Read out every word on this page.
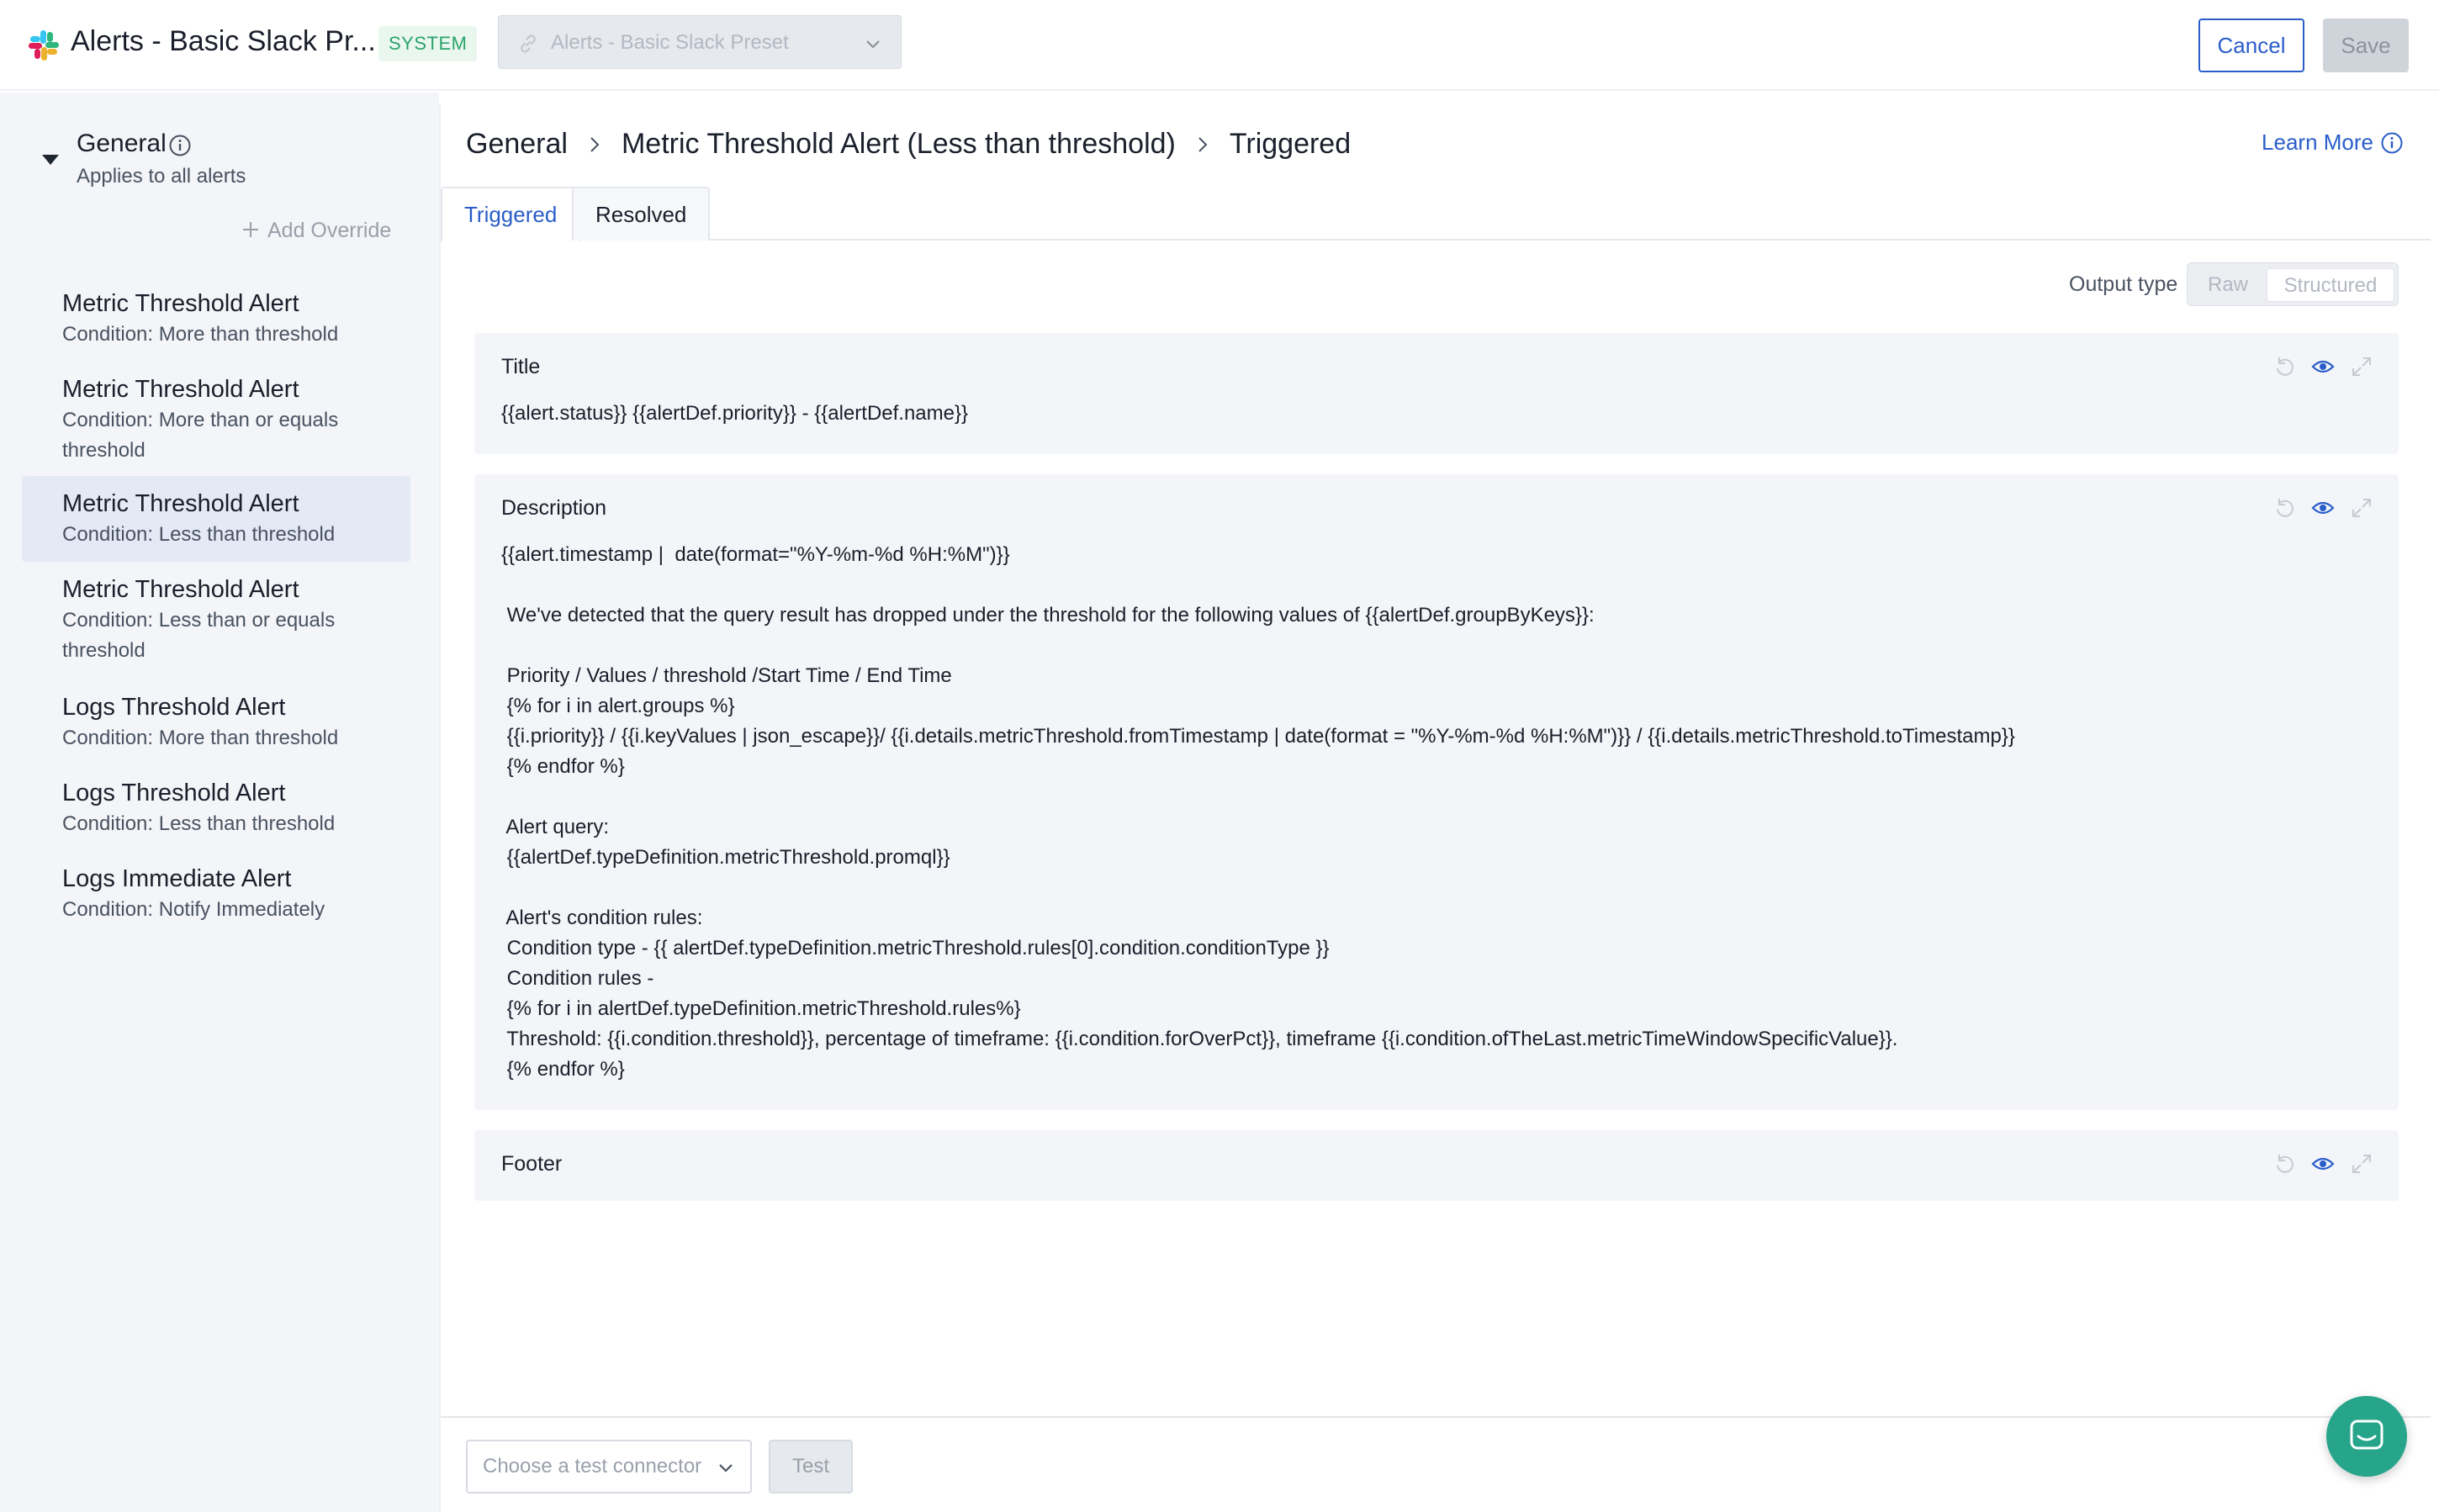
Alerts - Basic Slack Pr... SYSTEM	Alerts - Basic Slack Preset	Cancel	Save
General
Applies to all alerts
Add Override
Metric Threshold Alert
Condition: More than threshold
Metric Threshold Alert
Condition: More than or equals threshold
Metric Threshold Alert
Condition: Less than threshold
Metric Threshold Alert
Condition: Less than or equals threshold
Logs Threshold Alert
Condition: More than threshold
Logs Threshold Alert
Condition: Less than threshold
Logs Immediate Alert
Condition: Notify Immediately
General Metric Threshold Alert (Less than threshold) Triggered	Learn More
Triggered	Resolved
Output type	Raw	Structured
Title
{{alert.status}} {{alertDef.priority}} - {{alertDef.name}}
Description
{{alert.timestamp |  date(format="%Y-%m-%d %H:%M")}}

We've detected that the query result has dropped under the threshold for the following values of {{alertDef.groupByKeys}}:

Priority / Values / threshold /Start Time / End Time
{% for i in alert.groups %}
{{i.priority}} / {{i.keyValues | json_escape}}/ {{i.details.metricThreshold.fromTimestamp | date(format = "%Y-%m-%d %H:%M")}} / {{i.details.metricThreshold.toTimestamp}}
{% endfor %}

Alert query:
{{alertDef.typeDefinition.metricThreshold.promql}}

Alert's condition rules:
Condition type - {{ alertDef.typeDefinition.metricThreshold.rules[0].condition.conditionType }}
Condition rules -
{% for i in alertDef.typeDefinition.metricThreshold.rules%}
Threshold: {{i.condition.threshold}}, percentage of timeframe: {{i.condition.forOverPct}}, timeframe {{i.condition.ofTheLast.metricTimeWindowSpecificValue}}.
{% endfor %}
Footer
Choose a test connector	Test
